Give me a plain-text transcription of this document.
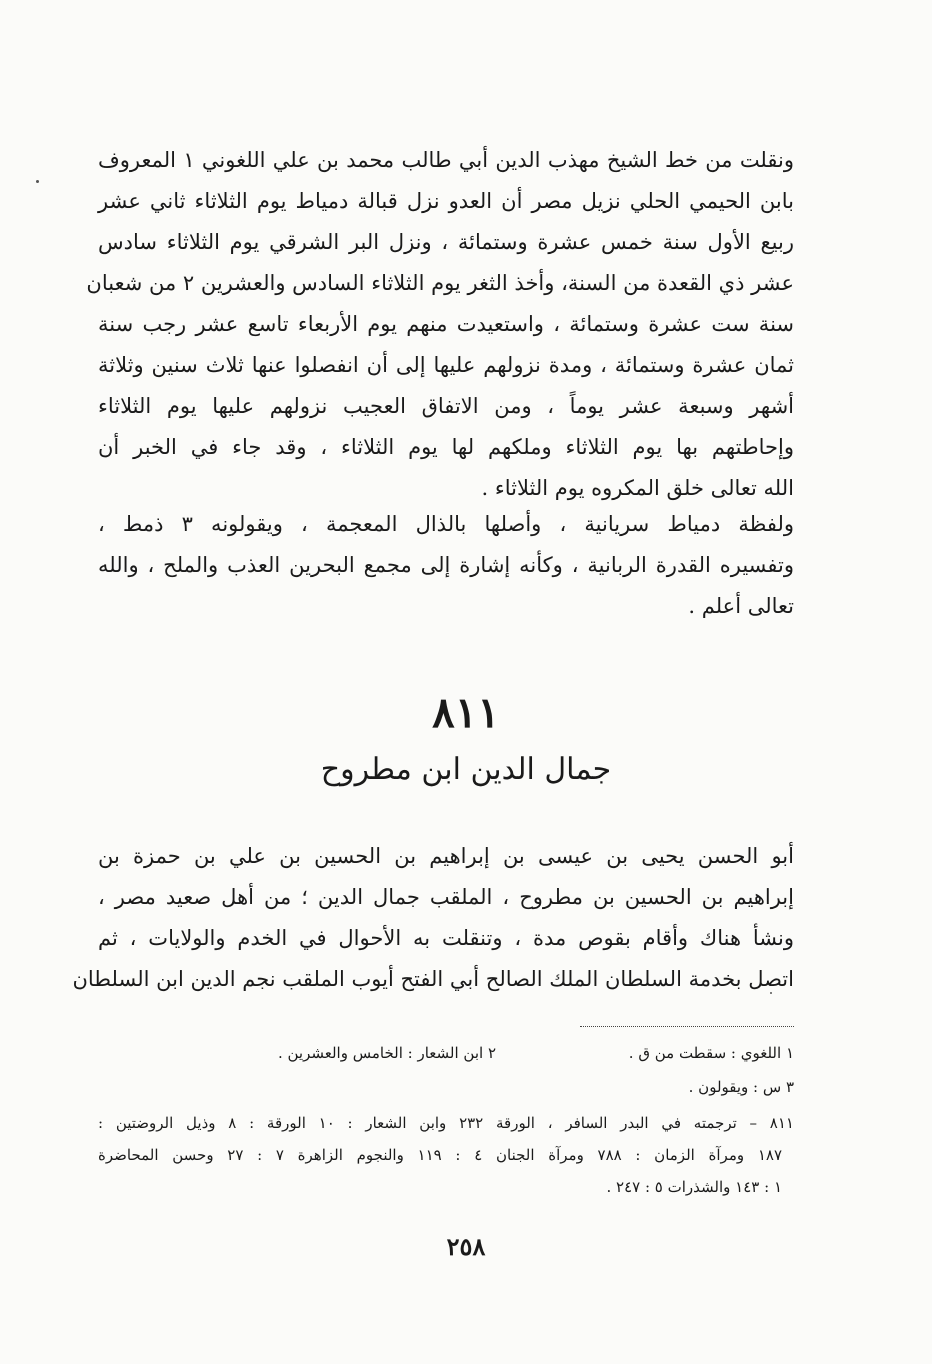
ونقلت من خط الشيخ مهذب الدين أبي طالب محمد بن علي اللغوني ١ المعروف
بابن الحيمي الحلي نزيل مصر أن العدو نزل قبالة دمياط يوم الثلاثاء ثاني عشر
ربيع الأول سنة خمس عشرة وستمائة ، ونزل البر الشرقي يوم الثلاثاء سادس
عشر ذي القعدة من السنة، وأخذ الثغر يوم الثلاثاء السادس والعشرين ٢ من شعبان
سنة ست عشرة وستمائة ، واستعيدت منهم يوم الأربعاء تاسع عشر رجب سنة
ثمان عشرة وستمائة ، ومدة نزولهم عليها إلى أن انفصلوا عنها ثلاث سنين وثلاثة
أشهر وسبعة عشر يوماً ، ومن الاتفاق العجيب نزولهم عليها يوم الثلاثاء
وإحاطتهم بها يوم الثلاثاء وملكهم لها يوم الثلاثاء ، وقد جاء في الخبر أن
الله تعالى خلق المكروه يوم الثلاثاء .
ولفظة دمياط سريانية ، وأصلها بالذال المعجمة ، ويقولونه ٣ ذمط ،
وتفسيره القدرة الربانية ، وكأنه إشارة إلى مجمع البحرين العذب والملح ، والله
تعالى أعلم .
٨١١
جمال الدين ابن مطروح
أبو الحسن يحيى بن عيسى بن إبراهيم بن الحسين بن علي بن حمزة بن
إبراهيم بن الحسين بن مطروح ، الملقب جمال الدين ؛ من أهل صعيد مصر ،
ونشأ هناك وأقام بقوص مدة ، وتنقلت به الأحوال في الخدم والولايات ، ثم
اتصل بخدمة السلطان الملك الصالح أبي الفتح أيوب الملقب نجم الدين ابن السلطان
١ اللغوي : سقطت من ق .
٢ ابن الشعار : الخامس والعشرين .
٣ س : ويقولون .
٨١١ – ترجمته في البدر السافر ، الورقة ٢٣٢ وابن الشعار : ١٠ الورقة : ٨ وذيل الروضتين :
١٨٧ ومرآة الزمان : ٧٨٨ ومرآة الجنان ٤ : ١١٩ والنجوم الزاهرة ٧ : ٢٧ وحسن المحاضرة
١ : ١٤٣ والشذرات ٥ : ٢٤٧ .
٢٥٨
